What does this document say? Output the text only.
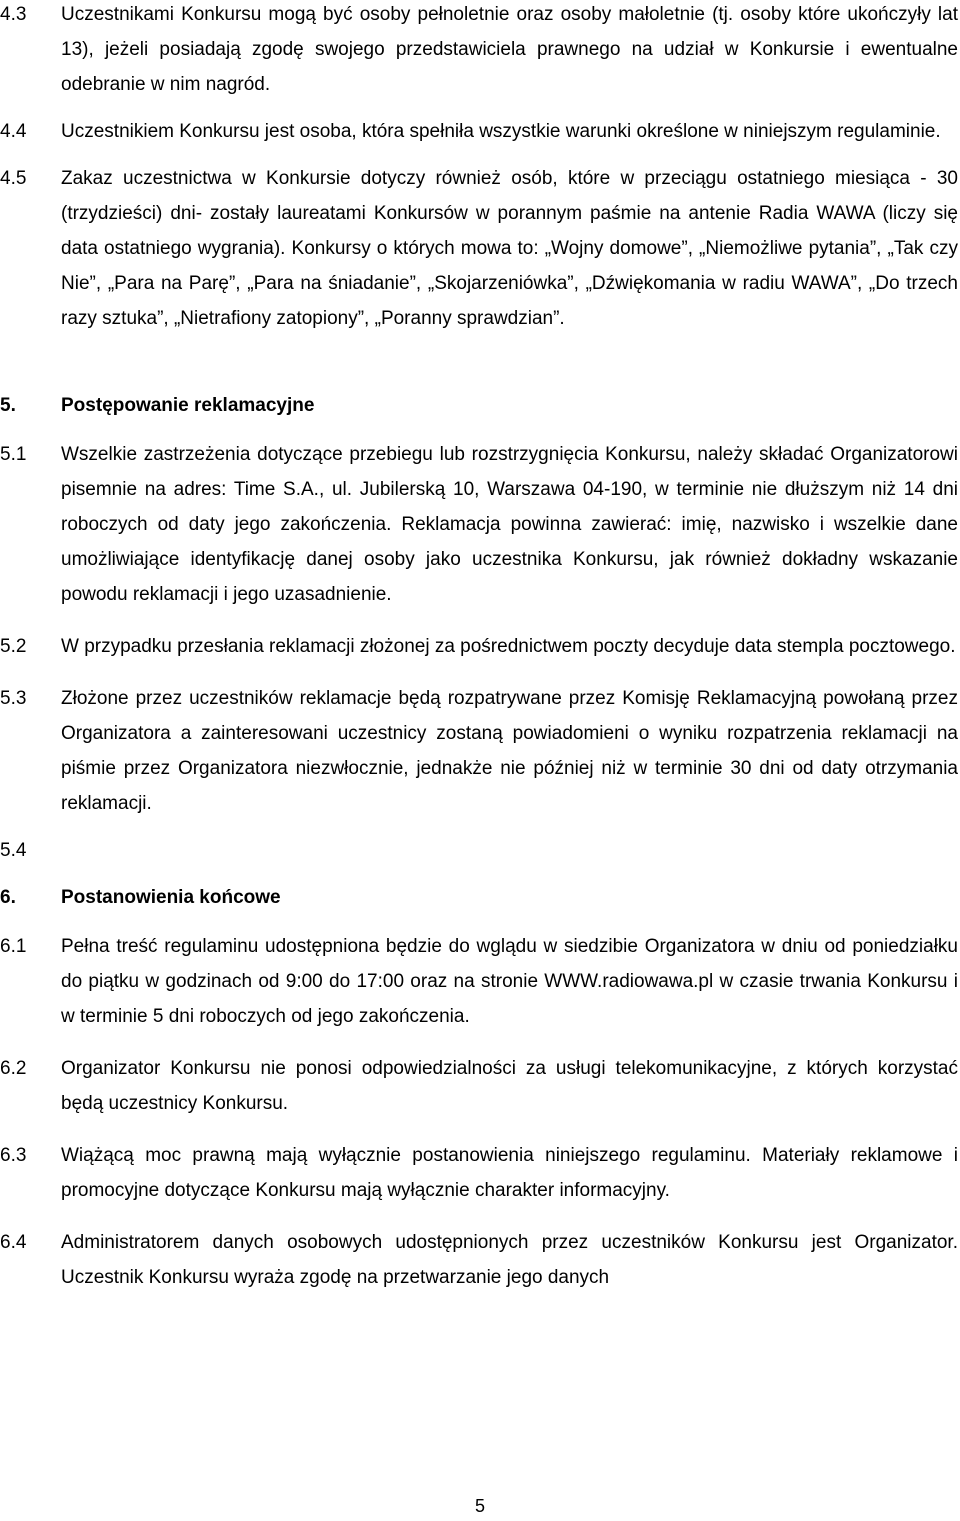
4.3	Uczestnikami Konkursu mogą być osoby pełnoletnie oraz osoby małoletnie (tj. osoby które ukończyły lat 13), jeżeli posiadają zgodę swojego przedstawiciela prawnego na udział w Konkursie i ewentualne odebranie w nim nagród.
4.4	Uczestnikiem Konkursu jest osoba, która spełniła wszystkie warunki określone w niniejszym regulaminie.
4.5	Zakaz uczestnictwa w Konkursie dotyczy również osób, które w przeciągu ostatniego miesiąca - 30 (trzydzieści) dni- zostały laureatami Konkursów w porannym paśmie na antenie Radia WAWA (liczy się data ostatniego wygrania). Konkursy o których mowa to: „Wojny domowe”, „Niemożliwe pytania”, „Tak czy Nie”, „Para na Parę”, „Para na śniadanie”, „Skojarzeniówka”, „Dźwiękomania w radiu WAWA”, „Do trzech razy sztuka”, „Nietrafiony zatopiony”, „Poranny sprawdzian”.
5.	Postępowanie reklamacyjne
5.1	Wszelkie zastrzeżenia dotyczące przebiegu lub rozstrzygnięcia Konkursu, należy składać Organizatorowi pisemnie na adres: Time S.A., ul. Jubilerską 10, Warszawa 04-190, w terminie nie dłuższym niż 14 dni roboczych od daty jego zakończenia. Reklamacja powinna zawierać: imię, nazwisko i wszelkie dane umożliwiające identyfikację danej osoby jako uczestnika Konkursu, jak również dokładny wskazanie powodu reklamacji i jego uzasadnienie.
5.2	W przypadku przesłania reklamacji złożonej za pośrednictwem poczty decyduje data stempla pocztowego.
5.3	Złożone przez uczestników reklamacje będą rozpatrywane przez Komisję Reklamacyjną powołaną przez Organizatora a zainteresowani uczestnicy zostaną powiadomieni o wyniku rozpatrzenia reklamacji na piśmie przez Organizatora niezwłocznie, jednakże nie później niż w terminie 30 dni od daty otrzymania reklamacji.
5.4
6.	Postanowienia końcowe
6.1	Pełna treść regulaminu udostępniona będzie do wglądu w siedzibie Organizatora w dniu od poniedziałku do piątku w godzinach od 9:00 do 17:00 oraz na stronie WWW.radiowawa.pl w czasie trwania Konkursu i w terminie 5 dni roboczych od jego zakończenia.
6.2	Organizator Konkursu nie ponosi odpowiedzialności za usługi telekomunikacyjne, z których korzystać będą uczestnicy Konkursu.
6.3	Wiążącą moc prawną mają wyłącznie postanowienia niniejszego regulaminu. Materiały reklamowe i promocyjne dotyczące Konkursu mają wyłącznie charakter informacyjny.
6.4	Administratorem danych osobowych udostępnionych przez uczestników Konkursu jest Organizator. Uczestnik Konkursu wyraża zgodę na przetwarzanie jego danych
5
